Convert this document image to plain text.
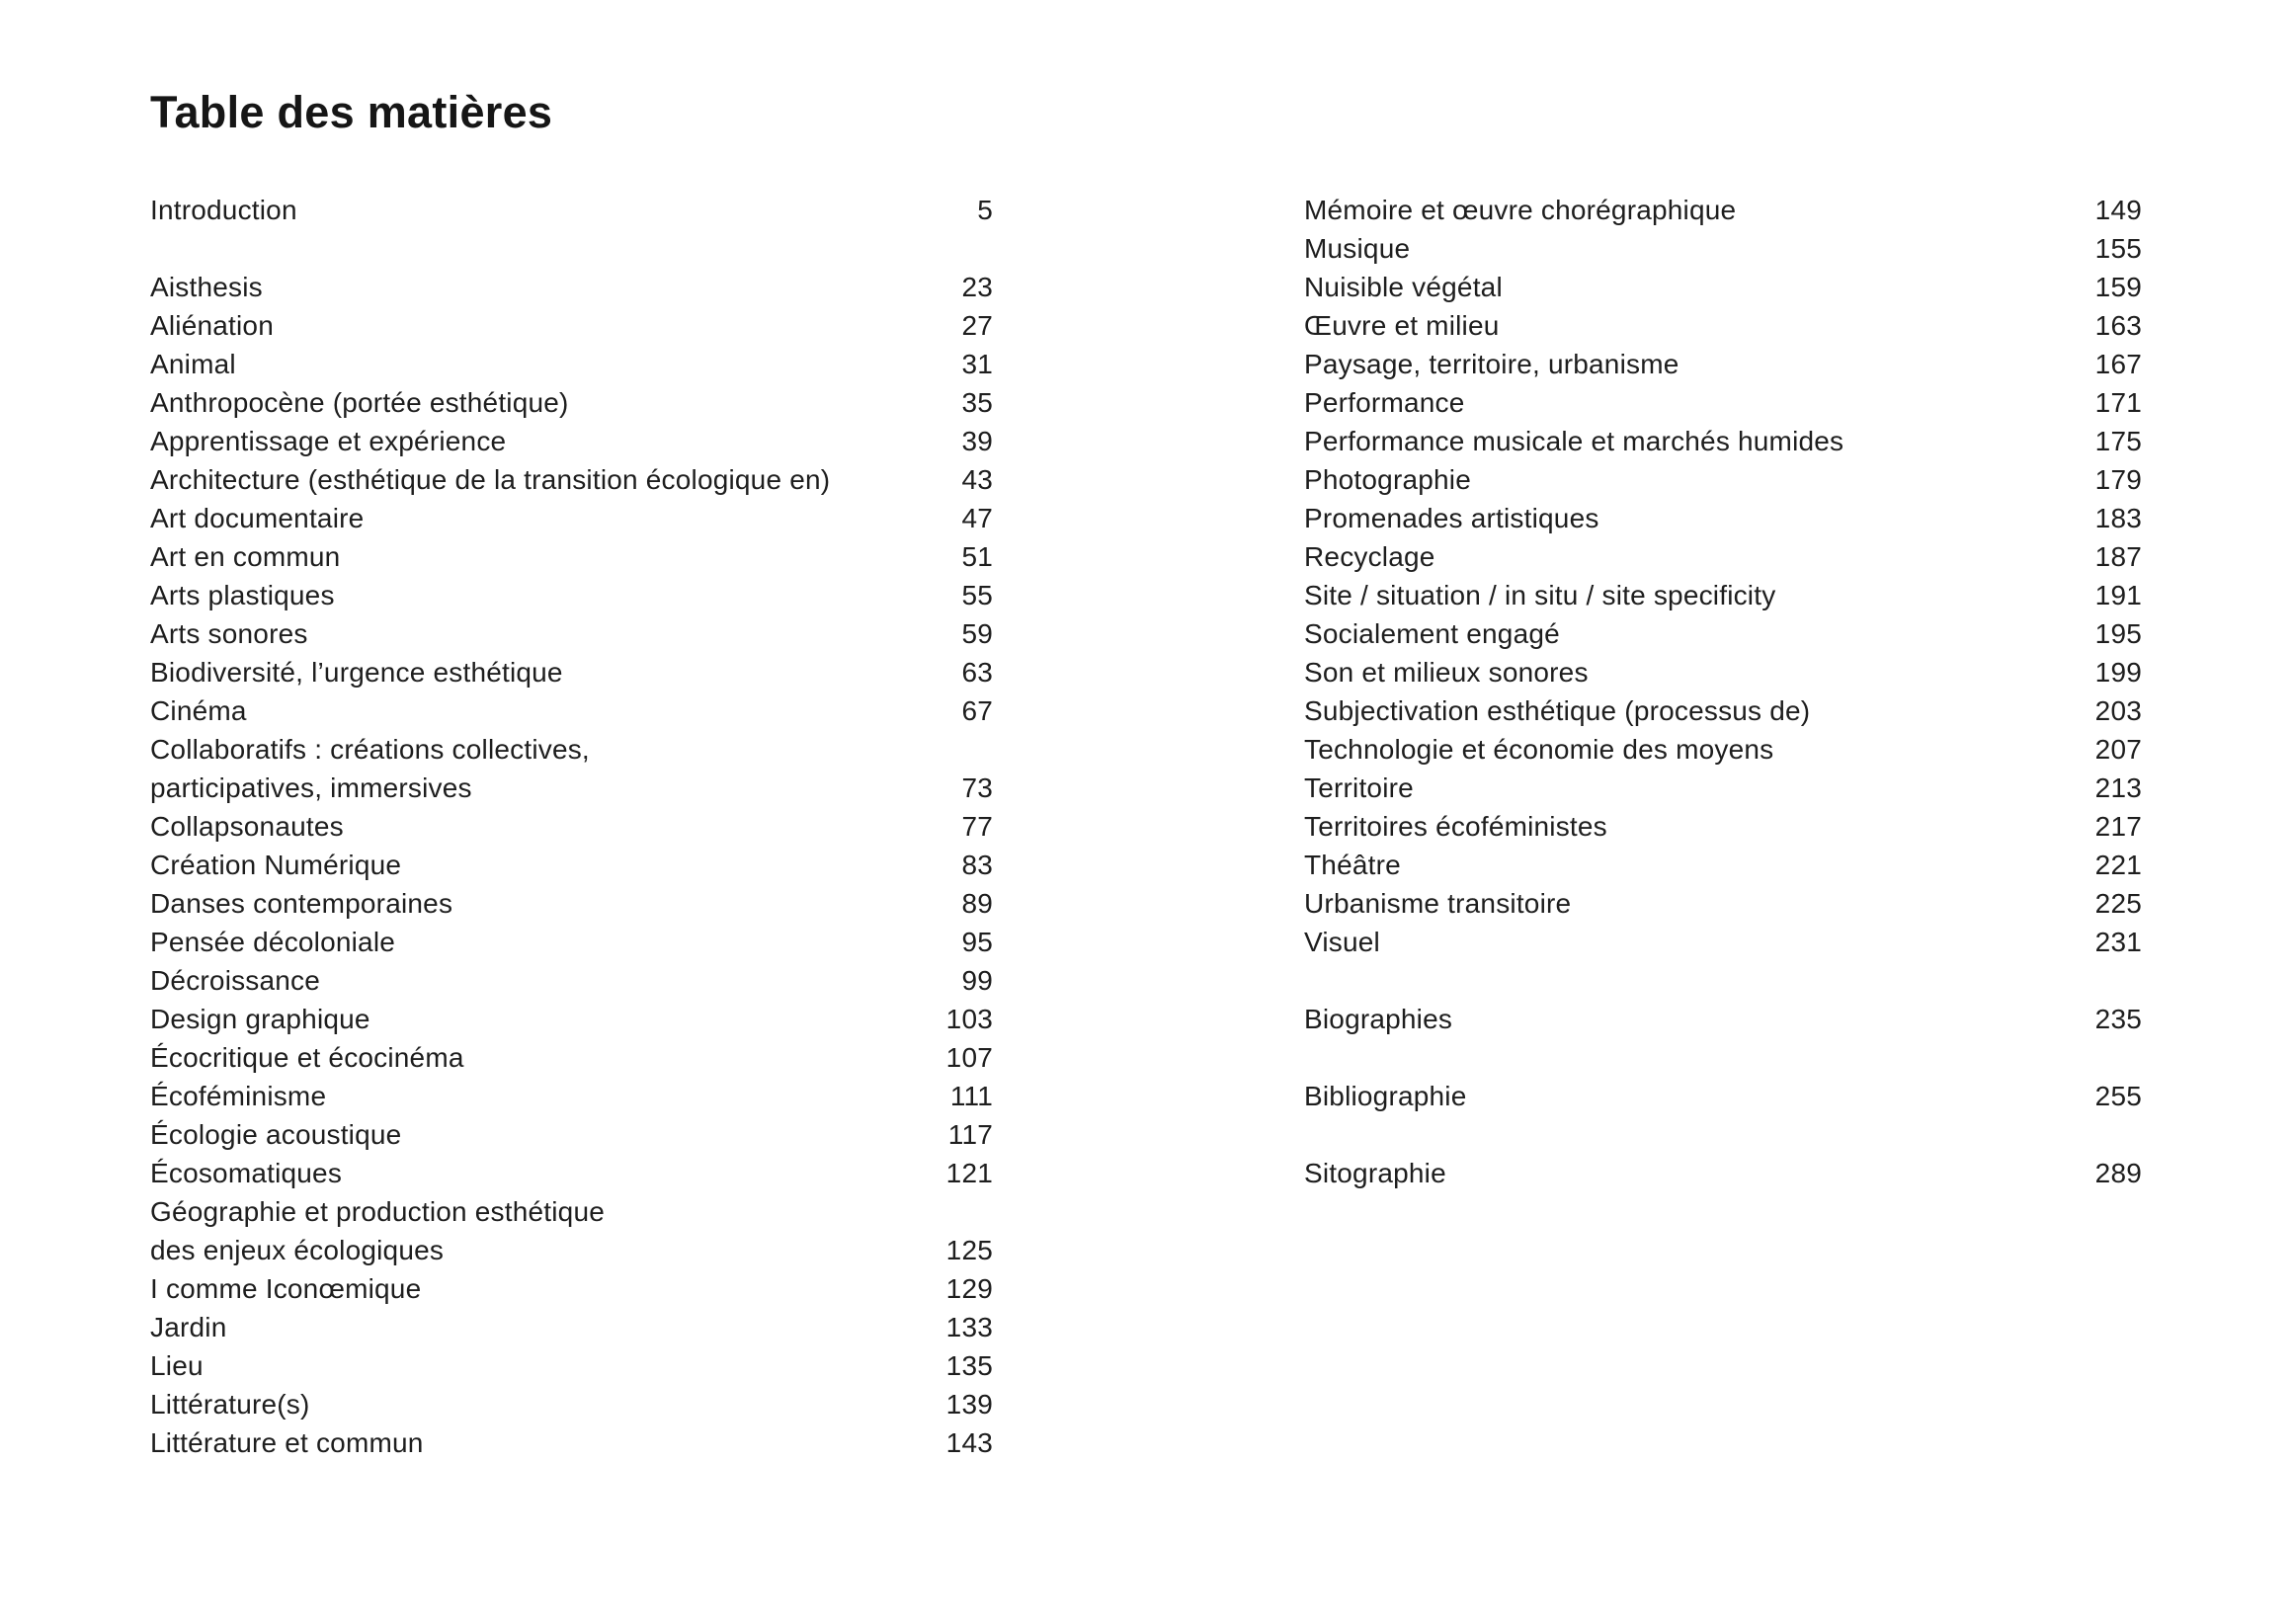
Table des matières
Introduction	5
Aisthesis	23
Aliénation	27
Animal	31
Anthropocène (portée esthétique)	35
Apprentissage et expérience	39
Architecture (esthétique de la transition écologique en)	43
Art documentaire	47
Art en commun	51
Arts plastiques	55
Arts sonores	59
Biodiversité, l’urgence esthétique	63
Cinéma	67
Collaboratifs : créations collectives,
participatives, immersives	73
Collapsonautes	77
Création Numérique	83
Danses contemporaines	89
Pensée décoloniale	95
Décroissance	99
Design graphique	103
Écocritique et écocinéma	107
Écoféminisme	111
Écologie acoustique	117
Écosomatiques	121
Géographie et production esthétique
des enjeux écologiques	125
I comme Iconœmique	129
Jardin	133
Lieu	135
Littérature(s)	139
Littérature et commun	143
Mémoire et œuvre chorégraphique	149
Musique	155
Nuisible végétal	159
Œuvre et milieu	163
Paysage, territoire, urbanisme	167
Performance	171
Performance musicale et marchés humides	175
Photographie	179
Promenades artistiques	183
Recyclage	187
Site / situation / in situ / site specificity	191
Socialement engagé	195
Son et milieux sonores	199
Subjectivation esthétique (processus de)	203
Technologie et économie des moyens	207
Territoire	213
Territoires écoféministes	217
Théâtre	221
Urbanisme transitoire	225
Visuel	231
Biographies	235
Bibliographie	255
Sitographie	289
